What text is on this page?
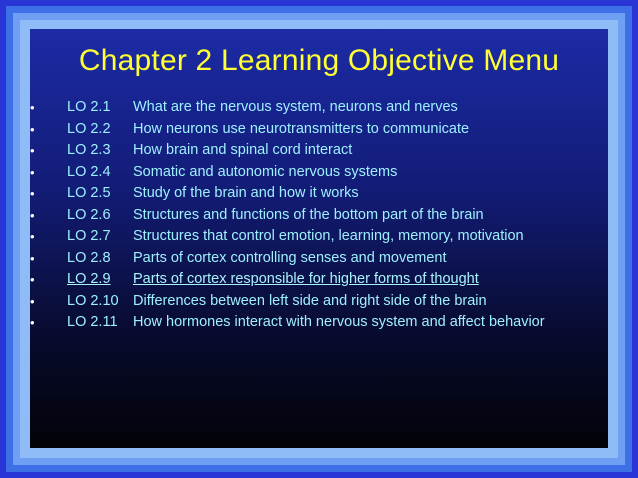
Chapter 2 Learning Objective Menu
• LO 2.1 What are the nervous system, neurons and nerves
• LO 2.2 How neurons use neurotransmitters to communicate
• LO 2.3 How brain and spinal cord interact
• LO 2.4 Somatic and autonomic nervous systems
• LO 2.5 Study of the brain and how it works
• LO 2.6 Structures and functions of the bottom part of the brain
• LO 2.7 Structures that control emotion, learning, memory, motivation
• LO 2.8 Parts of cortex controlling senses and movement
• LO 2.9 Parts of cortex responsible for higher forms of thought
• LO 2.10 Differences between left side and right side of the brain
• LO 2.11 How hormones interact with nervous system and affect behavior
